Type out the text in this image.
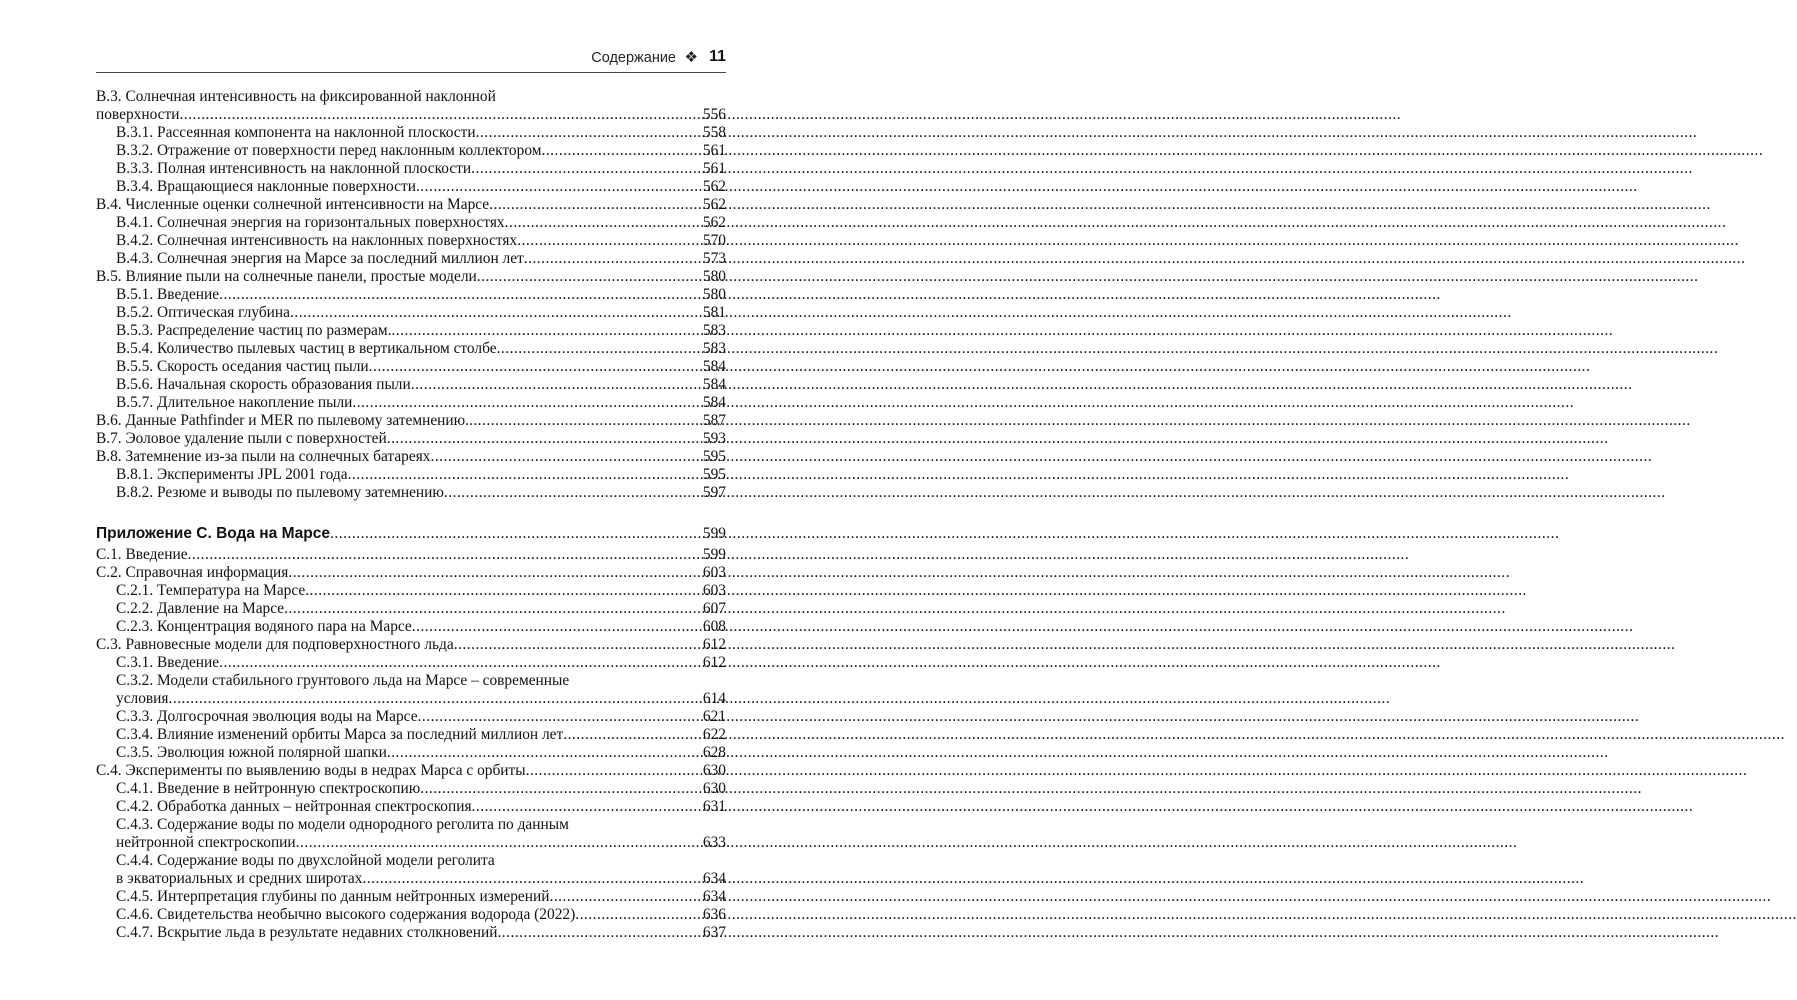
Содержание ❖ 11
B.3. Солнечная интенсивность на фиксированной наклонной
поверхности .....	556
B.3.1. Рассеянная компонента на наклонной плоскости .....	558
B.3.2. Отражение от поверхности перед наклонным коллектором .....	561
B.3.3. Полная интенсивность на наклонной плоскости .....	561
B.3.4. Вращающиеся наклонные поверхности .....	562
B.4. Численные оценки солнечной интенсивности на Марсе .....	562
B.4.1. Солнечная энергия на горизонтальных поверхностях .....	562
B.4.2. Солнечная интенсивность на наклонных поверхностях .....	570
B.4.3. Солнечная энергия на Марсе за последний миллион лет .....	573
B.5. Влияние пыли на солнечные панели, простые модели .....	580
B.5.1. Введение .....	580
B.5.2. Оптическая глубина .....	581
B.5.3. Распределение частиц по размерам. .....	583
B.5.4. Количество пылевых частиц в вертикальном столбе .....	583
B.5.5. Скорость оседания частиц пыли .....	584
B.5.6. Начальная скорость образования пыли .....	584
B.5.7. Длительное накопление пыли .....	584
B.6. Данные Pathfinder и MER по пылевому затемнению. .....	587
B.7. Эоловое удаление пыли с поверхностей .....	593
B.8. Затемнение из-за пыли на солнечных батареях .....	595
B.8.1. Эксперименты JPL 2001 года .....	595
B.8.2. Резюме и выводы по пылевому затемнению .....	597
Приложение С. Вода на Марсе .....	599
С.1. Введение .....	599
С.2. Справочная информация .....	603
С.2.1. Температура на Марсе .....	603
С.2.2. Давление на Марсе .....	607
С.2.3. Концентрация водяного пара на Марсе .....	608
С.3. Равновесные модели для подповерхностного льда .....	612
С.3.1. Введение .....	612
С.3.2. Модели стабильного грунтового льда на Марсе – современные
условия .....	614
С.3.3. Долгосрочная эволюция воды на Марсе .....	621
С.3.4. Влияние изменений орбиты Марса за последний миллион лет .....	622
С.3.5. Эволюция южной полярной шапки .....	628
С.4. Эксперименты по выявлению воды в недрах Марса с орбиты .....	630
С.4.1. Введение в нейтронную спектроскопию .....	630
С.4.2. Обработка данных – нейтронная спектроскопия .....	631
С.4.3. Содержание воды по модели однородного реголита по данным
нейтронной спектроскопии .....	633
С.4.4. Содержание воды по двухслойной модели реголита
в экваториальных и средних широтах .....	634
С.4.5. Интерпретация глубины по данным нейтронных измерений .....	634
С.4.6. Свидетельства необычно высокого содержания водорода (2022) .....	636
С.4.7. Вскрытие льда в результате недавних столкновений .....	637
